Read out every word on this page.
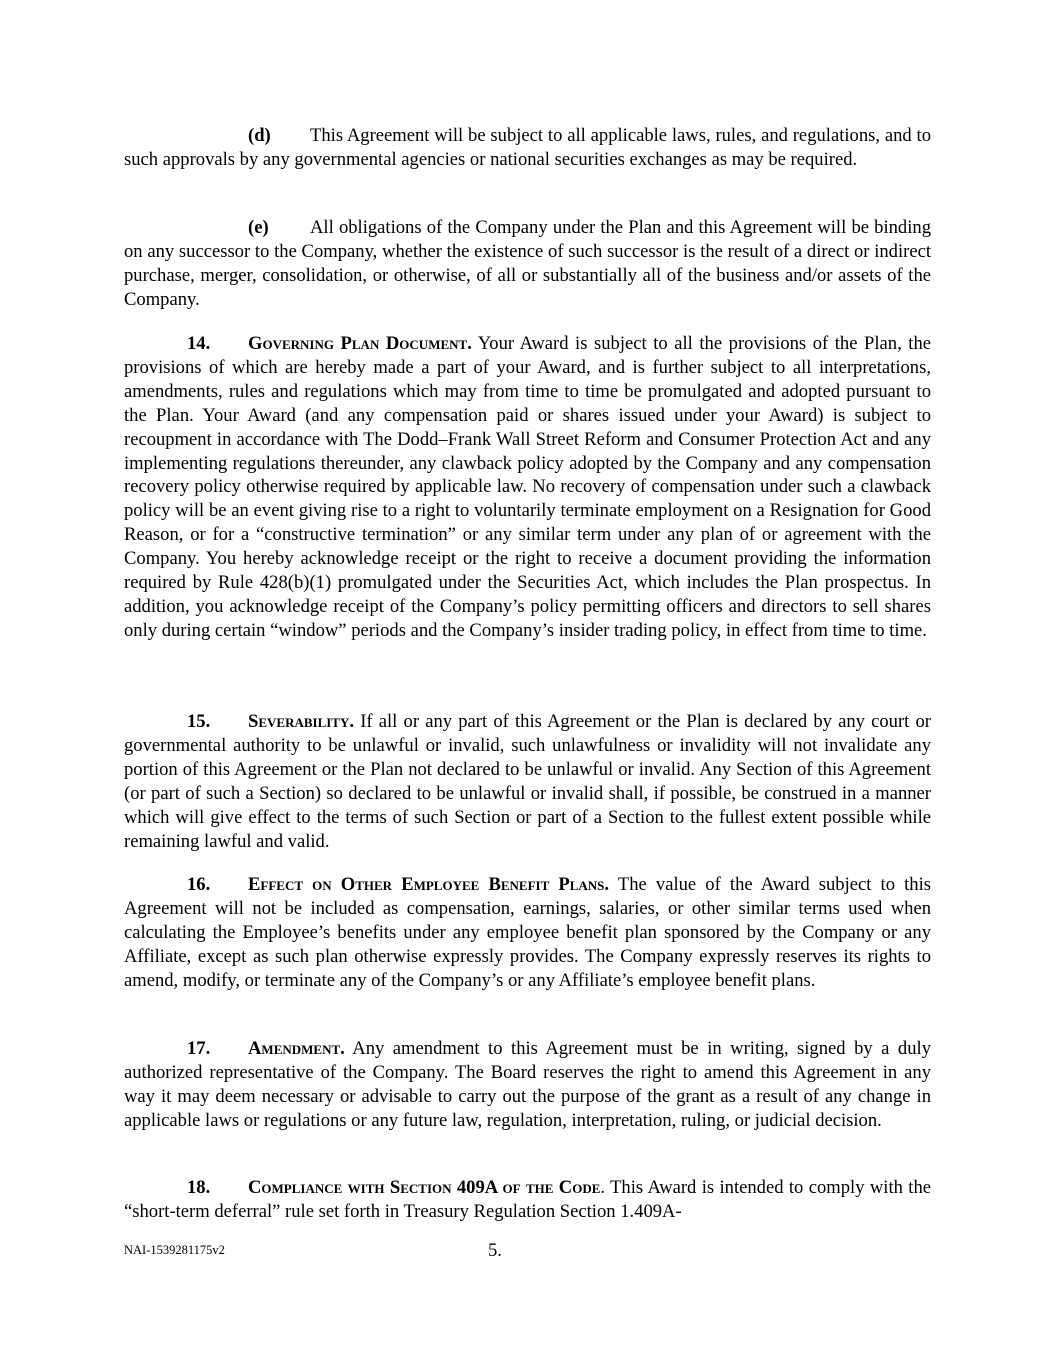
(d) This Agreement will be subject to all applicable laws, rules, and regulations, and to such approvals by any governmental agencies or national securities exchanges as may be required.

(e) All obligations of the Company under the Plan and this Agreement will be binding on any successor to the Company, whether the existence of such successor is the result of a direct or indirect purchase, merger, consolidation, or otherwise, of all or substantially all of the business and/or assets of the Company.

14. Governing Plan Document. Your Award is subject to all the provisions of the Plan, the provisions of which are hereby made a part of your Award, and is further subject to all interpretations, amendments, rules and regulations which may from time to time be promulgated and adopted pursuant to the Plan. Your Award (and any compensation paid or shares issued under your Award) is subject to recoupment in accordance with The Dodd–Frank Wall Street Reform and Consumer Protection Act and any implementing regulations thereunder, any clawback policy adopted by the Company and any compensation recovery policy otherwise required by applicable law. No recovery of compensation under such a clawback policy will be an event giving rise to a right to voluntarily terminate employment on a Resignation for Good Reason, or for a “constructive termination” or any similar term under any plan of or agreement with the Company. You hereby acknowledge receipt or the right to receive a document providing the information required by Rule 428(b)(1) promulgated under the Securities Act, which includes the Plan prospectus. In addition, you acknowledge receipt of the Company’s policy permitting officers and directors to sell shares only during certain “window” periods and the Company’s insider trading policy, in effect from time to time.

15. Severability. If all or any part of this Agreement or the Plan is declared by any court or governmental authority to be unlawful or invalid, such unlawfulness or invalidity will not invalidate any portion of this Agreement or the Plan not declared to be unlawful or invalid. Any Section of this Agreement (or part of such a Section) so declared to be unlawful or invalid shall, if possible, be construed in a manner which will give effect to the terms of such Section or part of a Section to the fullest extent possible while remaining lawful and valid.

16. Effect on Other Employee Benefit Plans. The value of the Award subject to this Agreement will not be included as compensation, earnings, salaries, or other similar terms used when calculating the Employee’s benefits under any employee benefit plan sponsored by the Company or any Affiliate, except as such plan otherwise expressly provides. The Company expressly reserves its rights to amend, modify, or terminate any of the Company’s or any Affiliate’s employee benefit plans.

17. Amendment. Any amendment to this Agreement must be in writing, signed by a duly authorized representative of the Company. The Board reserves the right to amend this Agreement in any way it may deem necessary or advisable to carry out the purpose of the grant as a result of any change in applicable laws or regulations or any future law, regulation, interpretation, ruling, or judicial decision.

18. Compliance with Section 409A of the Code. This Award is intended to comply with the “short-term deferral” rule set forth in Treasury Regulation Section 1.409A-

NAI-1539281175v2	5.
